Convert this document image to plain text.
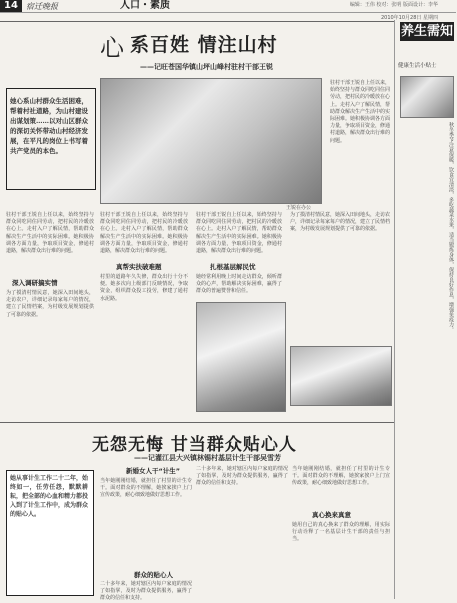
14	宿迁晚报	人口・素质	编辑：王伟 校对：张明 版面设计：李华
2010年10月28日 星期四
心 系百姓 情注山村
——记旺苍国华镇山坪山峰村驻村干部王锐
她心系山村群众生活困难，帮着村社道路，为山村建设出谋划策……以对山区群众的深切关怀带动山村经济发展，在平凡的岗位上书写着共产党员的本色。
王锐在办公
驻村干部王锐自上任以来，始终坚持与群众同吃同住同劳动，把村民的冷暖放在心上。走村入户了解民情，帮助群众解决生产生活中的实际困难。她积极协调各方面力量，争取项目资金，修通村道路，解决群众出行难的问题。
驻村干部王锐自上任以来，始终坚持与群众同吃同住同劳动，把村民的冷暖放在心上。走村入户了解民情，帮助群众解决生产生活中的实际困难。她积极协调各方面力量，争取项目资金，修通村道路，解决群众出行难的问题。
深入调研搞实情
为了摸清村情民意，她深入田间地头，走访农户，详细记录每家每户的情况，建立了民情档案，为村级发展规划提供了可靠的依据。
驻村干部王锐自上任以来，始终坚持与群众同吃同住同劳动，把村民的冷暖放在心上。走村入户了解民情，帮助群众解决生产生活中的实际困难。她积极协调各方面力量，争取项目资金，修通村道路，解决群众出行难的问题。
真帮实扶破难题
村里的道路年久失修，群众出行十分不便。她多次向上级部门反映情况，争取资金，组织群众投工投劳，修建了通村水泥路。
驻村干部王锐自上任以来，始终坚持与群众同吃同住同劳动，把村民的冷暖放在心上。走村入户了解民情，帮助群众解决生产生活中的实际困难。她积极协调各方面力量，争取项目资金，修通村道路，解决群众出行难的问题。
扎根基层解民忧
她经常利用晚上时间走访群众，倾听群众的心声，帮助解决实际困难，赢得了群众的普遍赞誉和信任。
为了摸清村情民意，她深入田间地头，走访农户，详细记录每家每户的情况，建立了民情档案，为村级发展规划提供了可靠的依据。
无怨无悔 甘当群众贴心人
——记灌江县大兴镇林锡村基层计生干部吴雪芳
她从事计生工作二十二年，始终如一，任劳任怨，默默耕耘，把全部的心血和精力都投入到了计生工作中，成为群众的贴心人。
新婚女人干“计生”
当年她刚刚结婚，就担任了村里的计生专干。面对群众的不理解，她挨家挨户上门宣传政策，耐心细致地做好思想工作。
群众的贴心人
二十多年来，她对辖区内每户家庭的情况了如指掌，及时为群众提供服务，赢得了群众的信任和支持。
二十多年来，她对辖区内每户家庭的情况了如指掌，及时为群众提供服务，赢得了群众的信任和支持。
当年她刚刚结婚，就担任了村里的计生专干。面对群众的不理解，她挨家挨户上门宣传政策，耐心细致地做好思想工作。
真心换来真意
她用自己的真心换来了群众的理解，用实际行动诠释了一名基层计生干部的责任与担当。
养生需知
健康生活小贴士
秋冬季节注意保暖，饮食宜清淡，多吃蔬菜水果，适当锻炼身体，保持良好作息，增强免疫力。
